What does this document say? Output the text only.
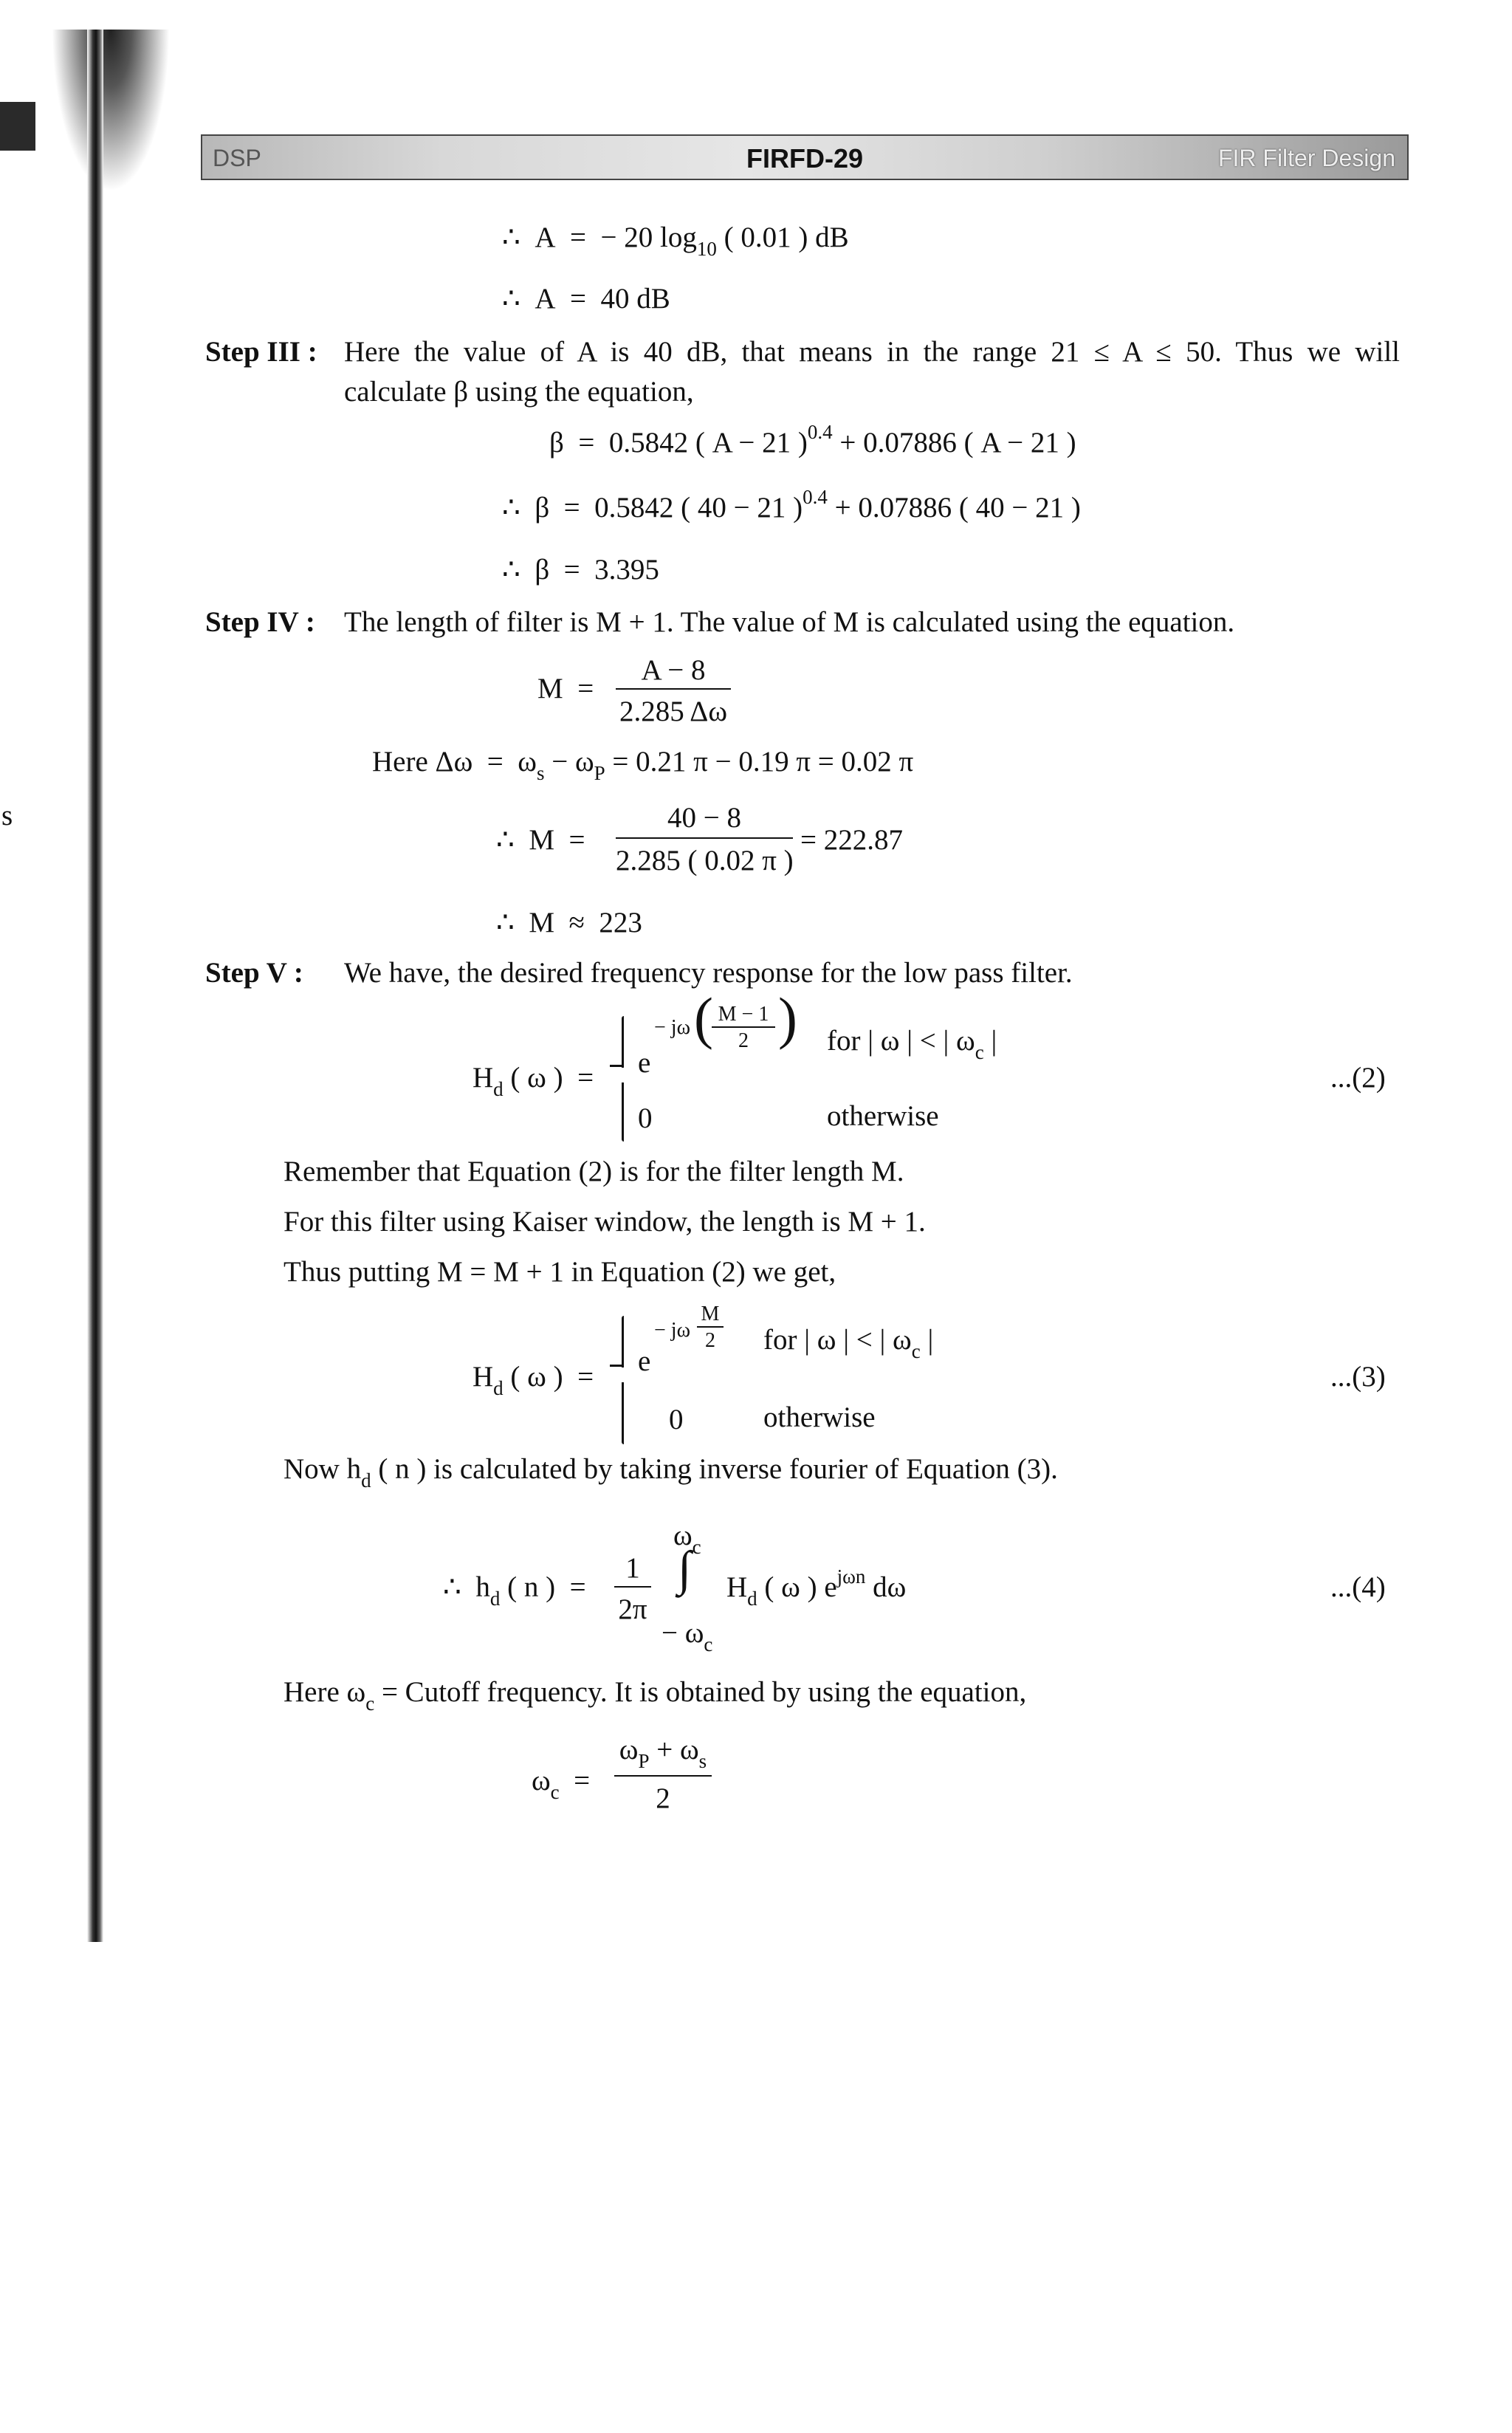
s
DSP	FIRFD-29	FIR Filter Design
∴ A = − 20 $\log_{10}$ ( 0.01 ) dB
∴ A = 40 dB
Step III : Here the value of A is 40 dB, that means in the range 21 ≤ A ≤ 50. Thus we will
calculate β using the equation,
β = 0.5842 ( A − 21 )$^{0.4}$ + 0.07886 ( A − 21 )
∴ β = 0.5842 ( 40 − 21 )$^{0.4}$ + 0.07886 ( 40 − 21 )
∴ β = 3.395
Step IV : The length of filter is M + 1. The value of M is calculated using the equation.
M =
A − 8
2.285 Δω
Here $\Delta\omega = \omega_s - \omega_P = 0.21$ π − 0.19 π = 0.02 π
∴ M =
40 − 8
2.285 ( 0.02 π )
= 222.87
∴ M ≈ 223
Step V : We have, the desired frequency response for the low pass filter.
$H_d$ ( ω ) = e
− jω ( M − 1
2 ) for | ω | < | $\omega_c$ |
0	otherwise
...(2)
Remember that Equation (2) is for the filter length M.
For this filter using Kaiser window, the length is M + 1.
Thus putting M = M + 1 in Equation (2) we get,
$H_d$ ( ω ) = e
− jω
M
2 for | ω | < | $\omega_c$ |
0	otherwise
...(3)
Now $h_d$ ( n ) is calculated by taking inverse fourier of Equation (3).
∴ $h_d$ ( n ) =
1
2π
ωc
∫
− ωc
$H_d$ ( ω ) $e^{j\omega n}$ dω	...(4)
Here $\omega_c$ = Cutoff frequency. It is obtained by using the equation,
$\omega_c$ =
$\omega_P + \omega_s$
2
